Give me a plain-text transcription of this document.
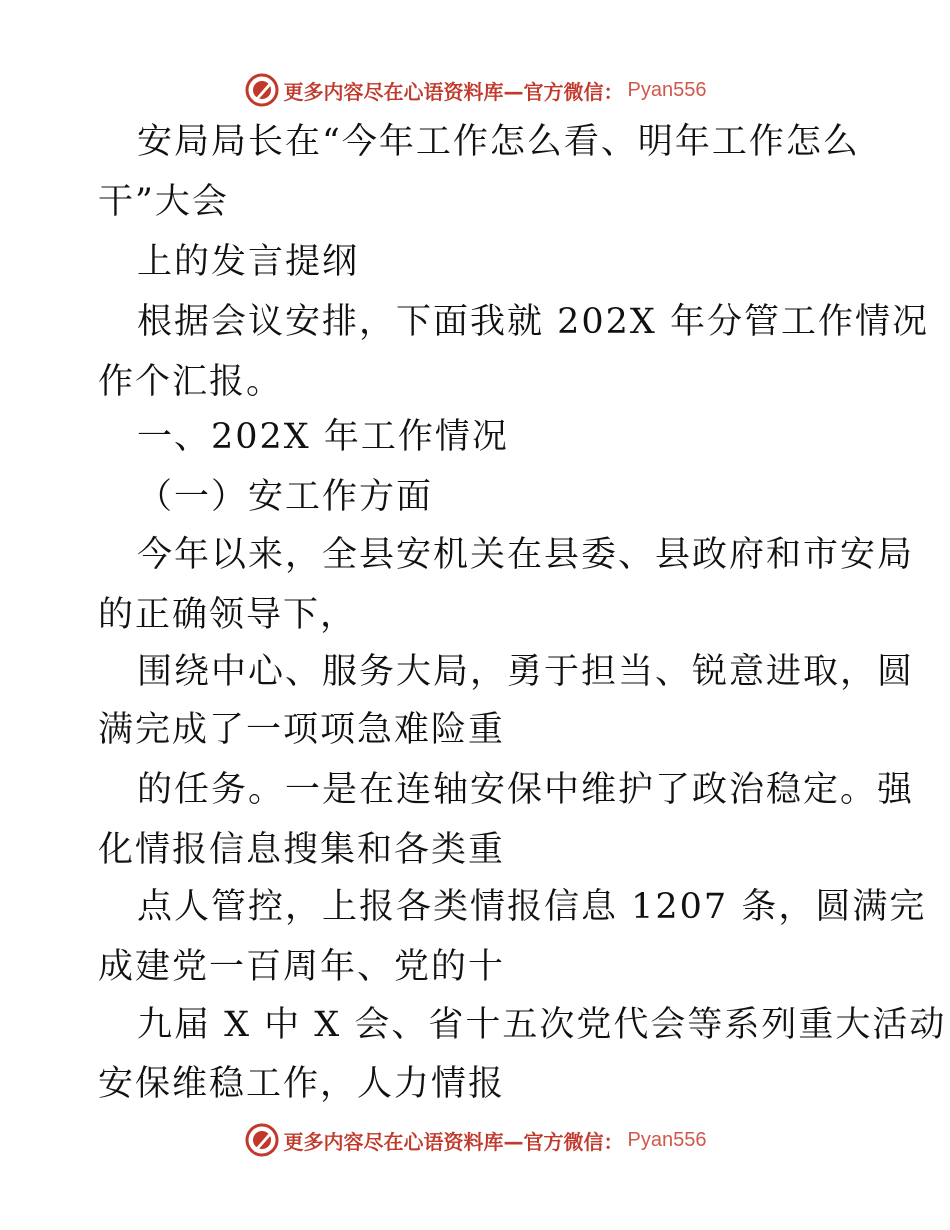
更多内容尽在心语资料库—官方微信： Pyan556
安局局长在“今年工作怎么看、明年工作怎么
干”大会
上的发言提纲
根据会议安排，下面我就 202X 年分管工作情况
作个汇报。
一、202X 年工作情况
（一）安工作方面
今年以来，全县安机关在县委、县政府和市安局
的正确领导下，
围绕中心、服务大局，勇于担当、锐意进取，圆
满完成了一项项急难险重
的任务。一是在连轴安保中维护了政治稳定。强
化情报信息搜集和各类重
点人管控，上报各类情报信息 1207 条，圆满完
成建党一百周年、党的十
九届 X 中 X 会、省十五次党代会等系列重大活动
安保维稳工作，人力情报
更多内容尽在心语资料库—官方微信： Pyan556
